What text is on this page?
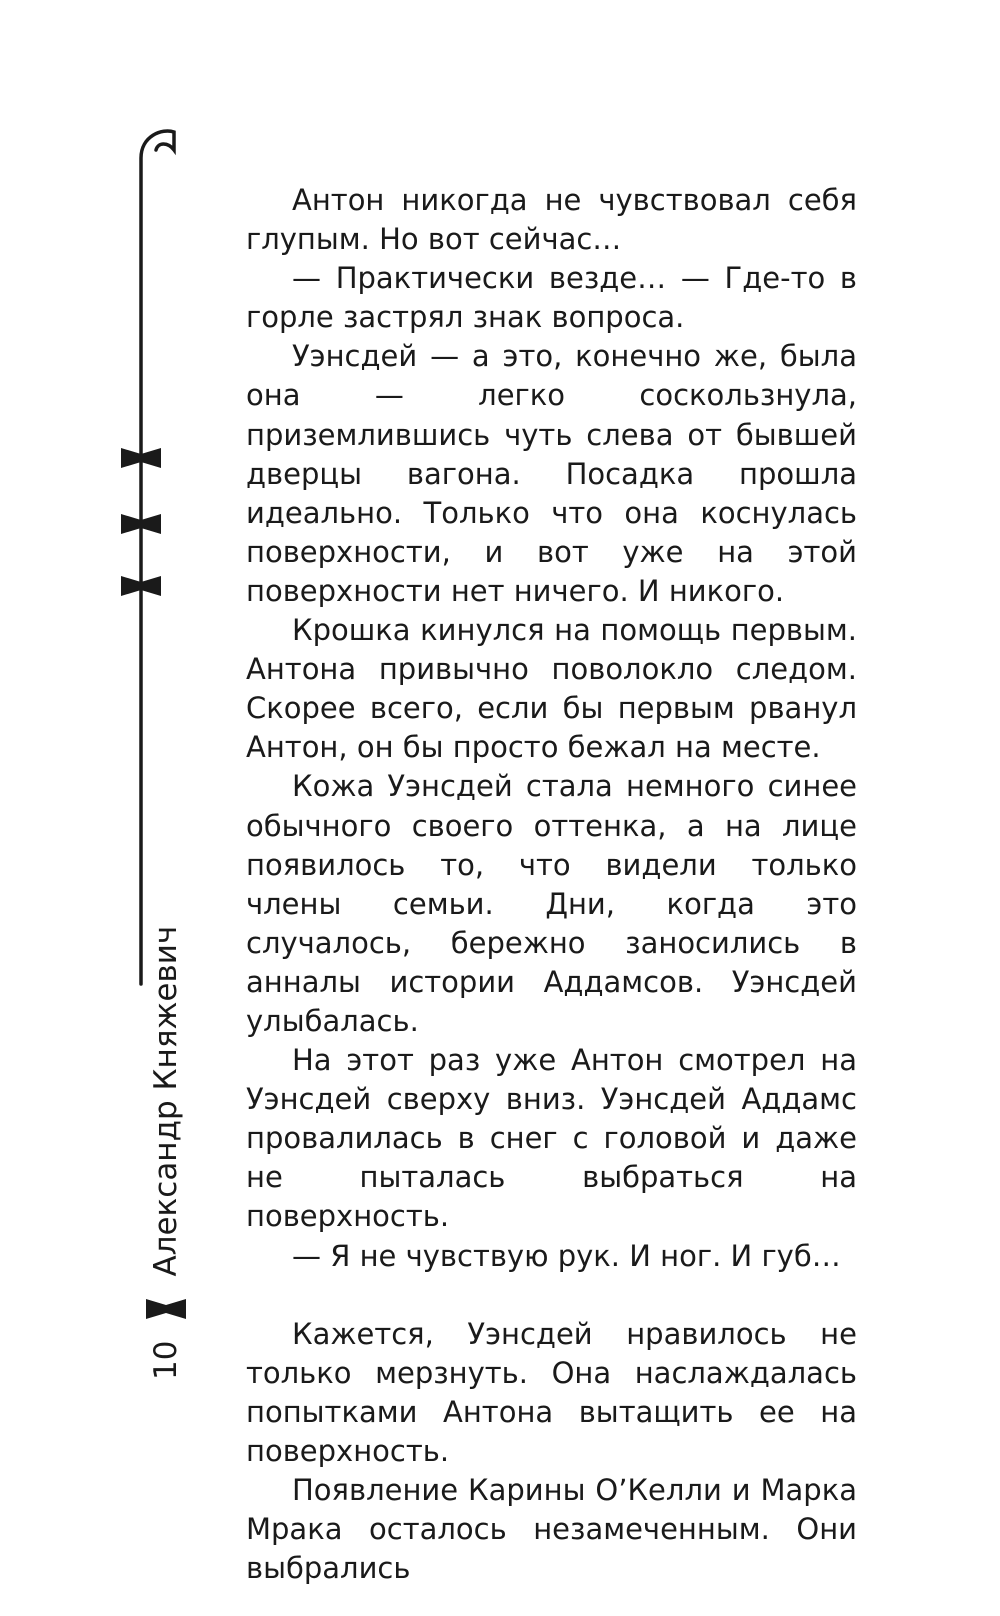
10
Александр Княжевич

Антон никогда не чувствовал себя глупым. Но вот сейчас…

— Практически везде… — Где-то в горле застрял знак вопроса.

Уэнсдей — а это, конечно же, была она — легко соскользнула, приземлившись чуть слева от бывшей дверцы вагона. Посадка прошла идеально. Только что она коснулась поверхности, и вот уже на этой поверхности нет ничего. И никого.

Крошка кинулся на помощь первым. Антона привычно поволокло следом. Скорее всего, если бы первым рванул Антон, он бы просто бежал на месте.

Кожа Уэнсдей стала немного синее обычного своего оттенка, а на лице появилось то, что видели только члены семьи. Дни, когда это случалось, бережно заносились в анналы истории Аддамсов. Уэнсдей улыбалась.

На этот раз уже Антон смотрел на Уэнсдей сверху вниз. Уэнсдей Аддамс провалилась в снег с головой и даже не пыталась выбраться на поверхность.

— Я не чувствую рук. И ног. И губ…

Кажется, Уэнсдей нравилось не только мерзнуть. Она наслаждалась попытками Антона вытащить ее на поверхность.

Появление Карины О’Келли и Марка Мрака осталось незамеченным. Они выбрались
